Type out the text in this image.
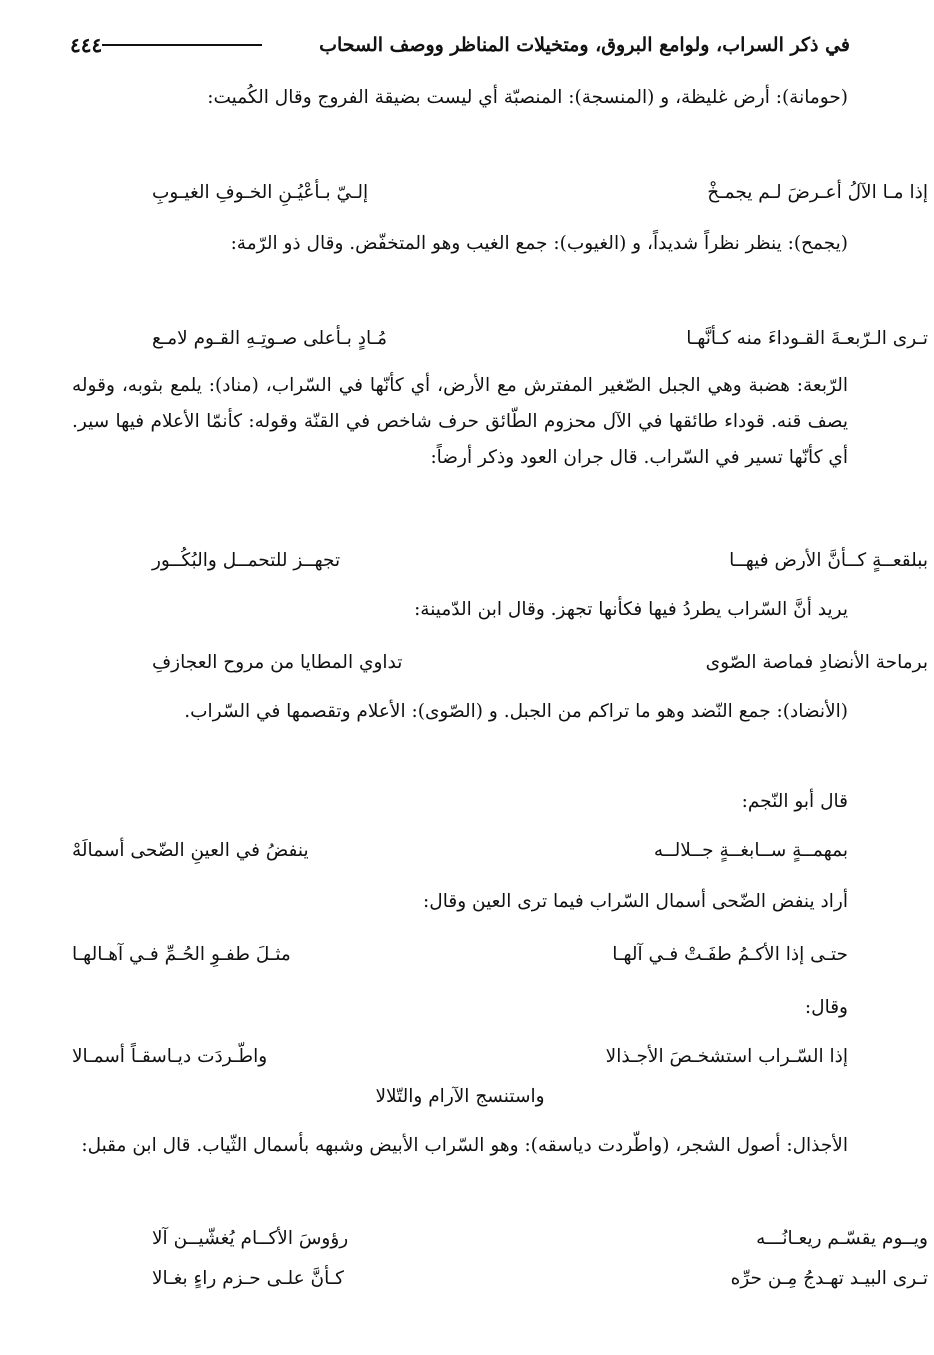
في ذكر السراب، ولوامع البروق، ومتخيلات المناظر ووصف السحاب
٤٤٤
(حومانة): أرض غليظة، و (المنسجة): المنصبّة أي ليست بضيقة الفروج وقال الكُميت:
إذا مـا الآلُ أعـرضَ لـم يجمـخْ
إلـيّ بـأعْيُـنِ الخـوفِ الغيـوبِ
(يجمح): ينظر نظراً شديداً، و (الغيوب): جمع الغيب وهو المتخفّض. وقال ذو الرّمة:
تـرى الـرّبعـةَ القـوداءَ منه كـأنَّهـا
مُـادٍ بـأعلى صـوتِـهِ القـوم لامـع
الرّبعة: هضبة وهي الجبل الصّغير المفترش مع الأرض، أي كأنّها في السّراب، (مناد): يلمع بثوبه، وقوله يصف قنه. قوداء طائقها في الآل محزوم الطّائق حرف شاخص في القنّة وقوله: كأنمّا الأعلام فيها سير. أي كأنّها تسير في السّراب. قال جران العود وذكر أرضاً:
ببلقعــةٍ كــأنَّ الأرض فيهــا
تجهــز للتحمــل والبُكُــور
يريد أنَّ السّراب يطردُ فيها فكأنها تجهز. وقال ابن الدّمينة:
برماحة الأنضادِ فماصة الصّوى
تداوي المطايا من مروح العجازفِ
(الأنضاد): جمع النّضد وهو ما تراكم من الجبل. و (الصّوى): الأعلام وتقصمها في السّراب.
قال أبو النّجم:
بمهمــةٍ ســابغــةٍ جــلالــه
ينفضُ في العينِ الضّحى أسمالَهْ
أراد ينفض الضّحى أسمال السّراب فيما ترى العين وقال:
حتـى إذا الأكـمُ طفَـتْ فـي آلهـا
مثـلَ طفـوِ الحُـمِّ فـي آهـالهـا
وقال:
إذا السّـراب استشخـصَ الأجـذالا
واطّـردَت ديـاسقـاً أسمـالا
واستنسج الآرام والتّلالا
الأجذال: أصول الشجر، (واطّردت دياسقه): وهو السّراب الأبيض وشبهه بأسمال الثّياب. قال ابن مقبل:
ويــوم يقسّـم ريعـانُـــه
رؤوسَ الأكــام يُغشّيــن آلا
تـرى البيـد تهـدجُ مِـن حرِّه
كـأنَّ علـى حـزم راءٍ بغـالا
